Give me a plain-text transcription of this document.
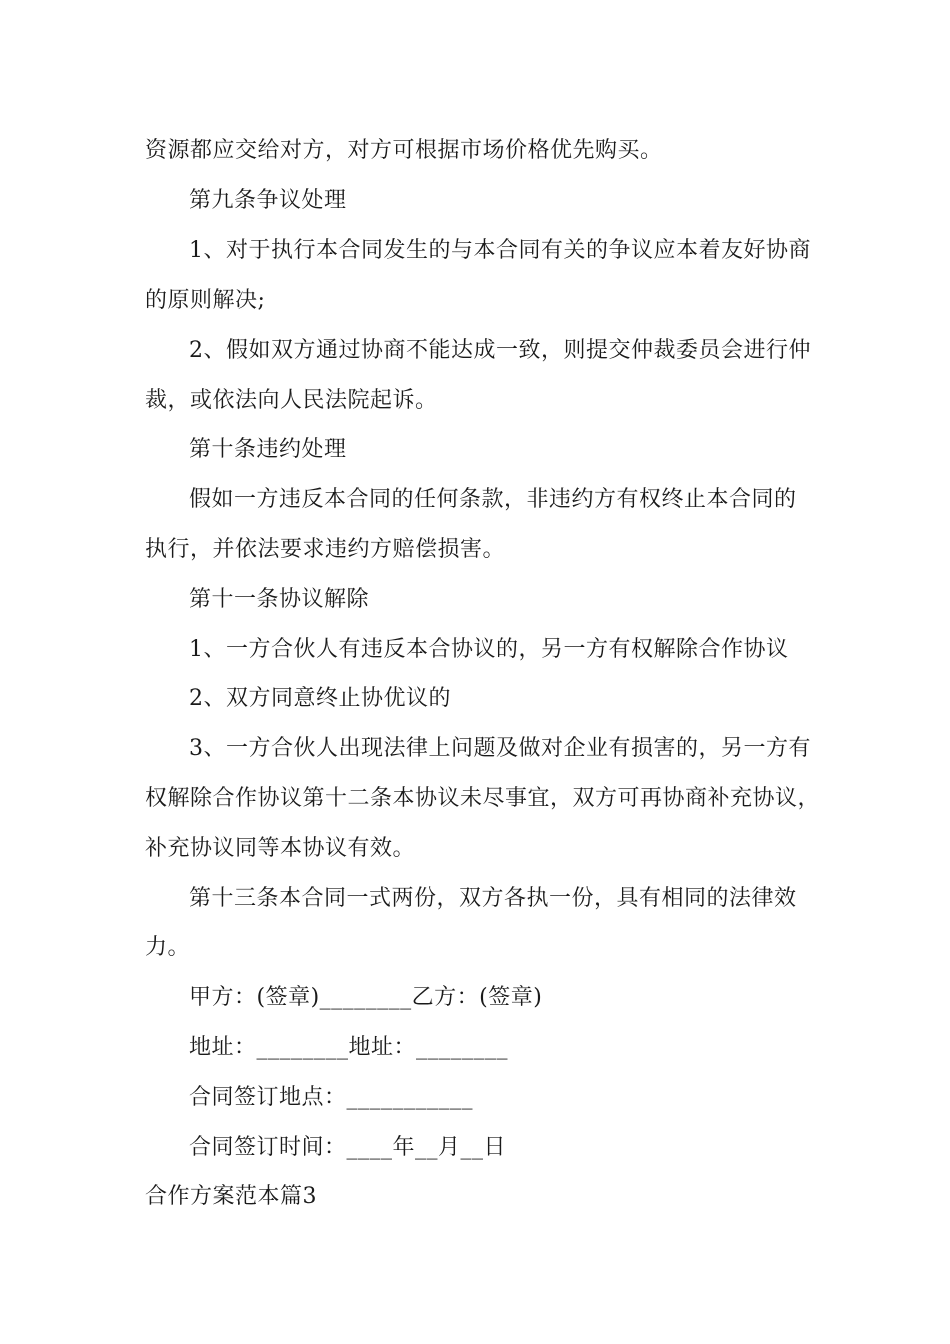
资源都应交给对方，对方可根据市场价格优先购买。
第九条争议处理
1、对于执行本合同发生的与本合同有关的争议应本着友好协商
的原则解决;
2、假如双方通过协商不能达成一致，则提交仲裁委员会进行仲
裁，或依法向人民法院起诉。
第十条违约处理
假如一方违反本合同的任何条款，非违约方有权终止本合同的
执行，并依法要求违约方赔偿损害。
第十一条协议解除
1、一方合伙人有违反本合协议的，另一方有权解除合作协议
2、双方同意终止协优议的
3、一方合伙人出现法律上问题及做对企业有损害的，另一方有
权解除合作协议第十二条本协议未尽事宜，双方可再协商补充协议，
补充协议同等本协议有效。
第十三条本合同一式两份，双方各执一份，具有相同的法律效
力。
甲方：(签章)________乙方：(签章)
地址：________地址：________
合同签订地点：___________
合同签订时间：____年__月__日
合作方案范本篇3
